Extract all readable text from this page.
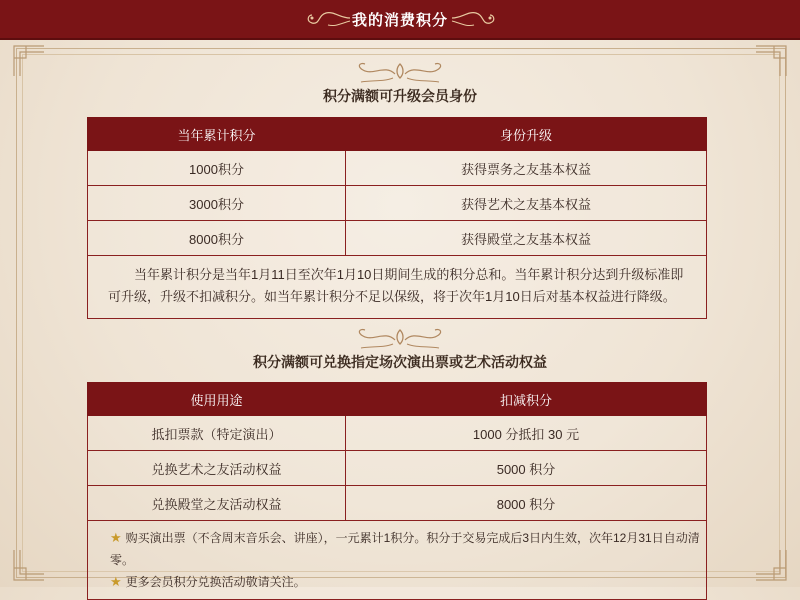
我的消费积分
积分满额可升级会员身份
当年累计积分	身份升级
1000积分	获得票务之友基本权益
3000积分	获得艺术之友基本权益
8000积分	获得殿堂之友基本权益
当年累计积分是当年1月11日至次年1月10日期间生成的积分总和。当年累计积分达到升级标准即可升级，升级不扣减积分。如当年累计积分不足以保级，将于次年1月10日后对基本权益进行降级。	
积分满额可兑换指定场次演出票或艺术活动权益
使用用途	扣减积分
抵扣票款（特定演出）	1000 分抵扣 30 元
兑换艺术之友活动权益	5000 积分
兑换殿堂之友活动权益	8000 积分

★ 购买演出票（不含周末音乐会、讲座），一元累计1积分。积分于交易完成后3日内生效，次年12月31日自动清零。
★ 更多会员积分兑换活动敬请关注。	
